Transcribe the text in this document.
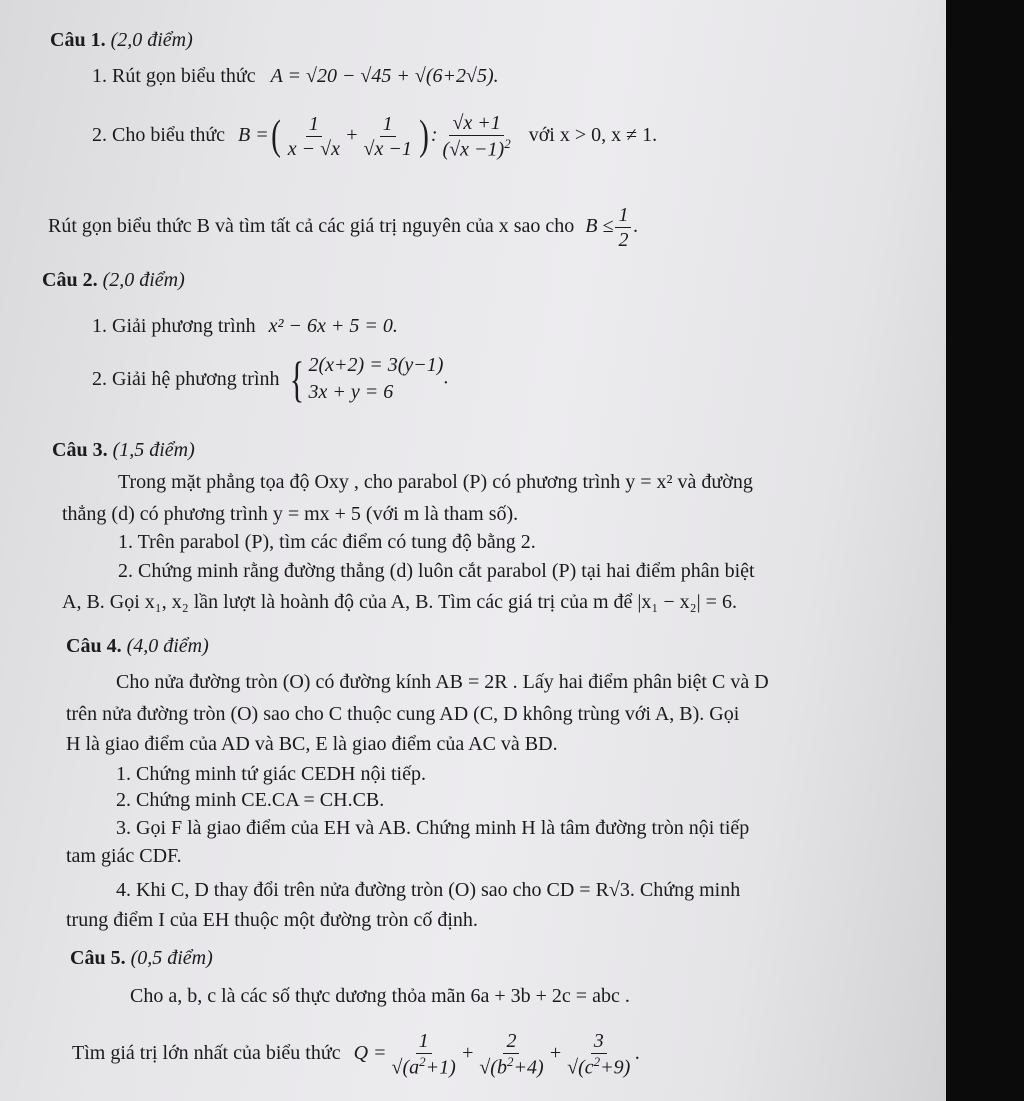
Câu 1. (2,0 điểm)
1. Rút gọn biểu thức A = √20 − √45 + √(6+2√5).
2. Cho biểu thức B =( $\frac{1}{x - √x} + \frac{1}{√x -1}$ ) : $\frac{√x +1}{(√x -1)^2}$ với x > 0, x ≠ 1.
Rút gọn biểu thức B và tìm tất cả các giá trị nguyên của x sao cho $B \le \frac{1}{2}$ .
Câu 2. (2,0 điểm)
1. Giải phương trình x² − 6x + 5 = 0.
2. Giải hệ phương trình { 2(x+2) = 3(y−1)
3x + y = 6
.
Câu 3. (1,5 điểm)
Trong mặt phẳng tọa độ Oxy , cho parabol (P) có phương trình y = x² và đường
thẳng (d) có phương trình y = mx + 5 (với m là tham số).
1. Trên parabol (P), tìm các điểm có tung độ bằng 2.
2. Chứng minh rằng đường thẳng (d) luôn cắt parabol (P) tại hai điểm phân biệt
A, B. Gọi x₁, x₂ lần lượt là hoành độ của A, B. Tìm các giá trị của m để |x₁ − x₂| = 6.
Câu 4. (4,0 điểm)
Cho nửa đường tròn (O) có đường kính AB = 2R . Lấy hai điểm phân biệt C và D
trên nửa đường tròn (O) sao cho C thuộc cung AD (C, D không trùng với A, B). Gọi
H là giao điểm của AD và BC, E là giao điểm của AC và BD.
1. Chứng minh tứ giác CEDH nội tiếp.
2. Chứng minh CE.CA = CH.CB.
3. Gọi F là giao điểm của EH và AB. Chứng minh H là tâm đường tròn nội tiếp
tam giác CDF.
4. Khi C, D thay đổi trên nửa đường tròn (O) sao cho CD = R√3. Chứng minh
trung điểm I của EH thuộc một đường tròn cố định.
Câu 5. (0,5 điểm)
Cho a, b, c là các số thực dương thỏa mãn 6a + 3b + 2c = abc .
Tìm giá trị lớn nhất của biểu thức $Q = \frac{1}{√(a^2+1)} + \frac{2}{√(b^2+4)} + \frac{3}{√(c^2+9)}$ .
